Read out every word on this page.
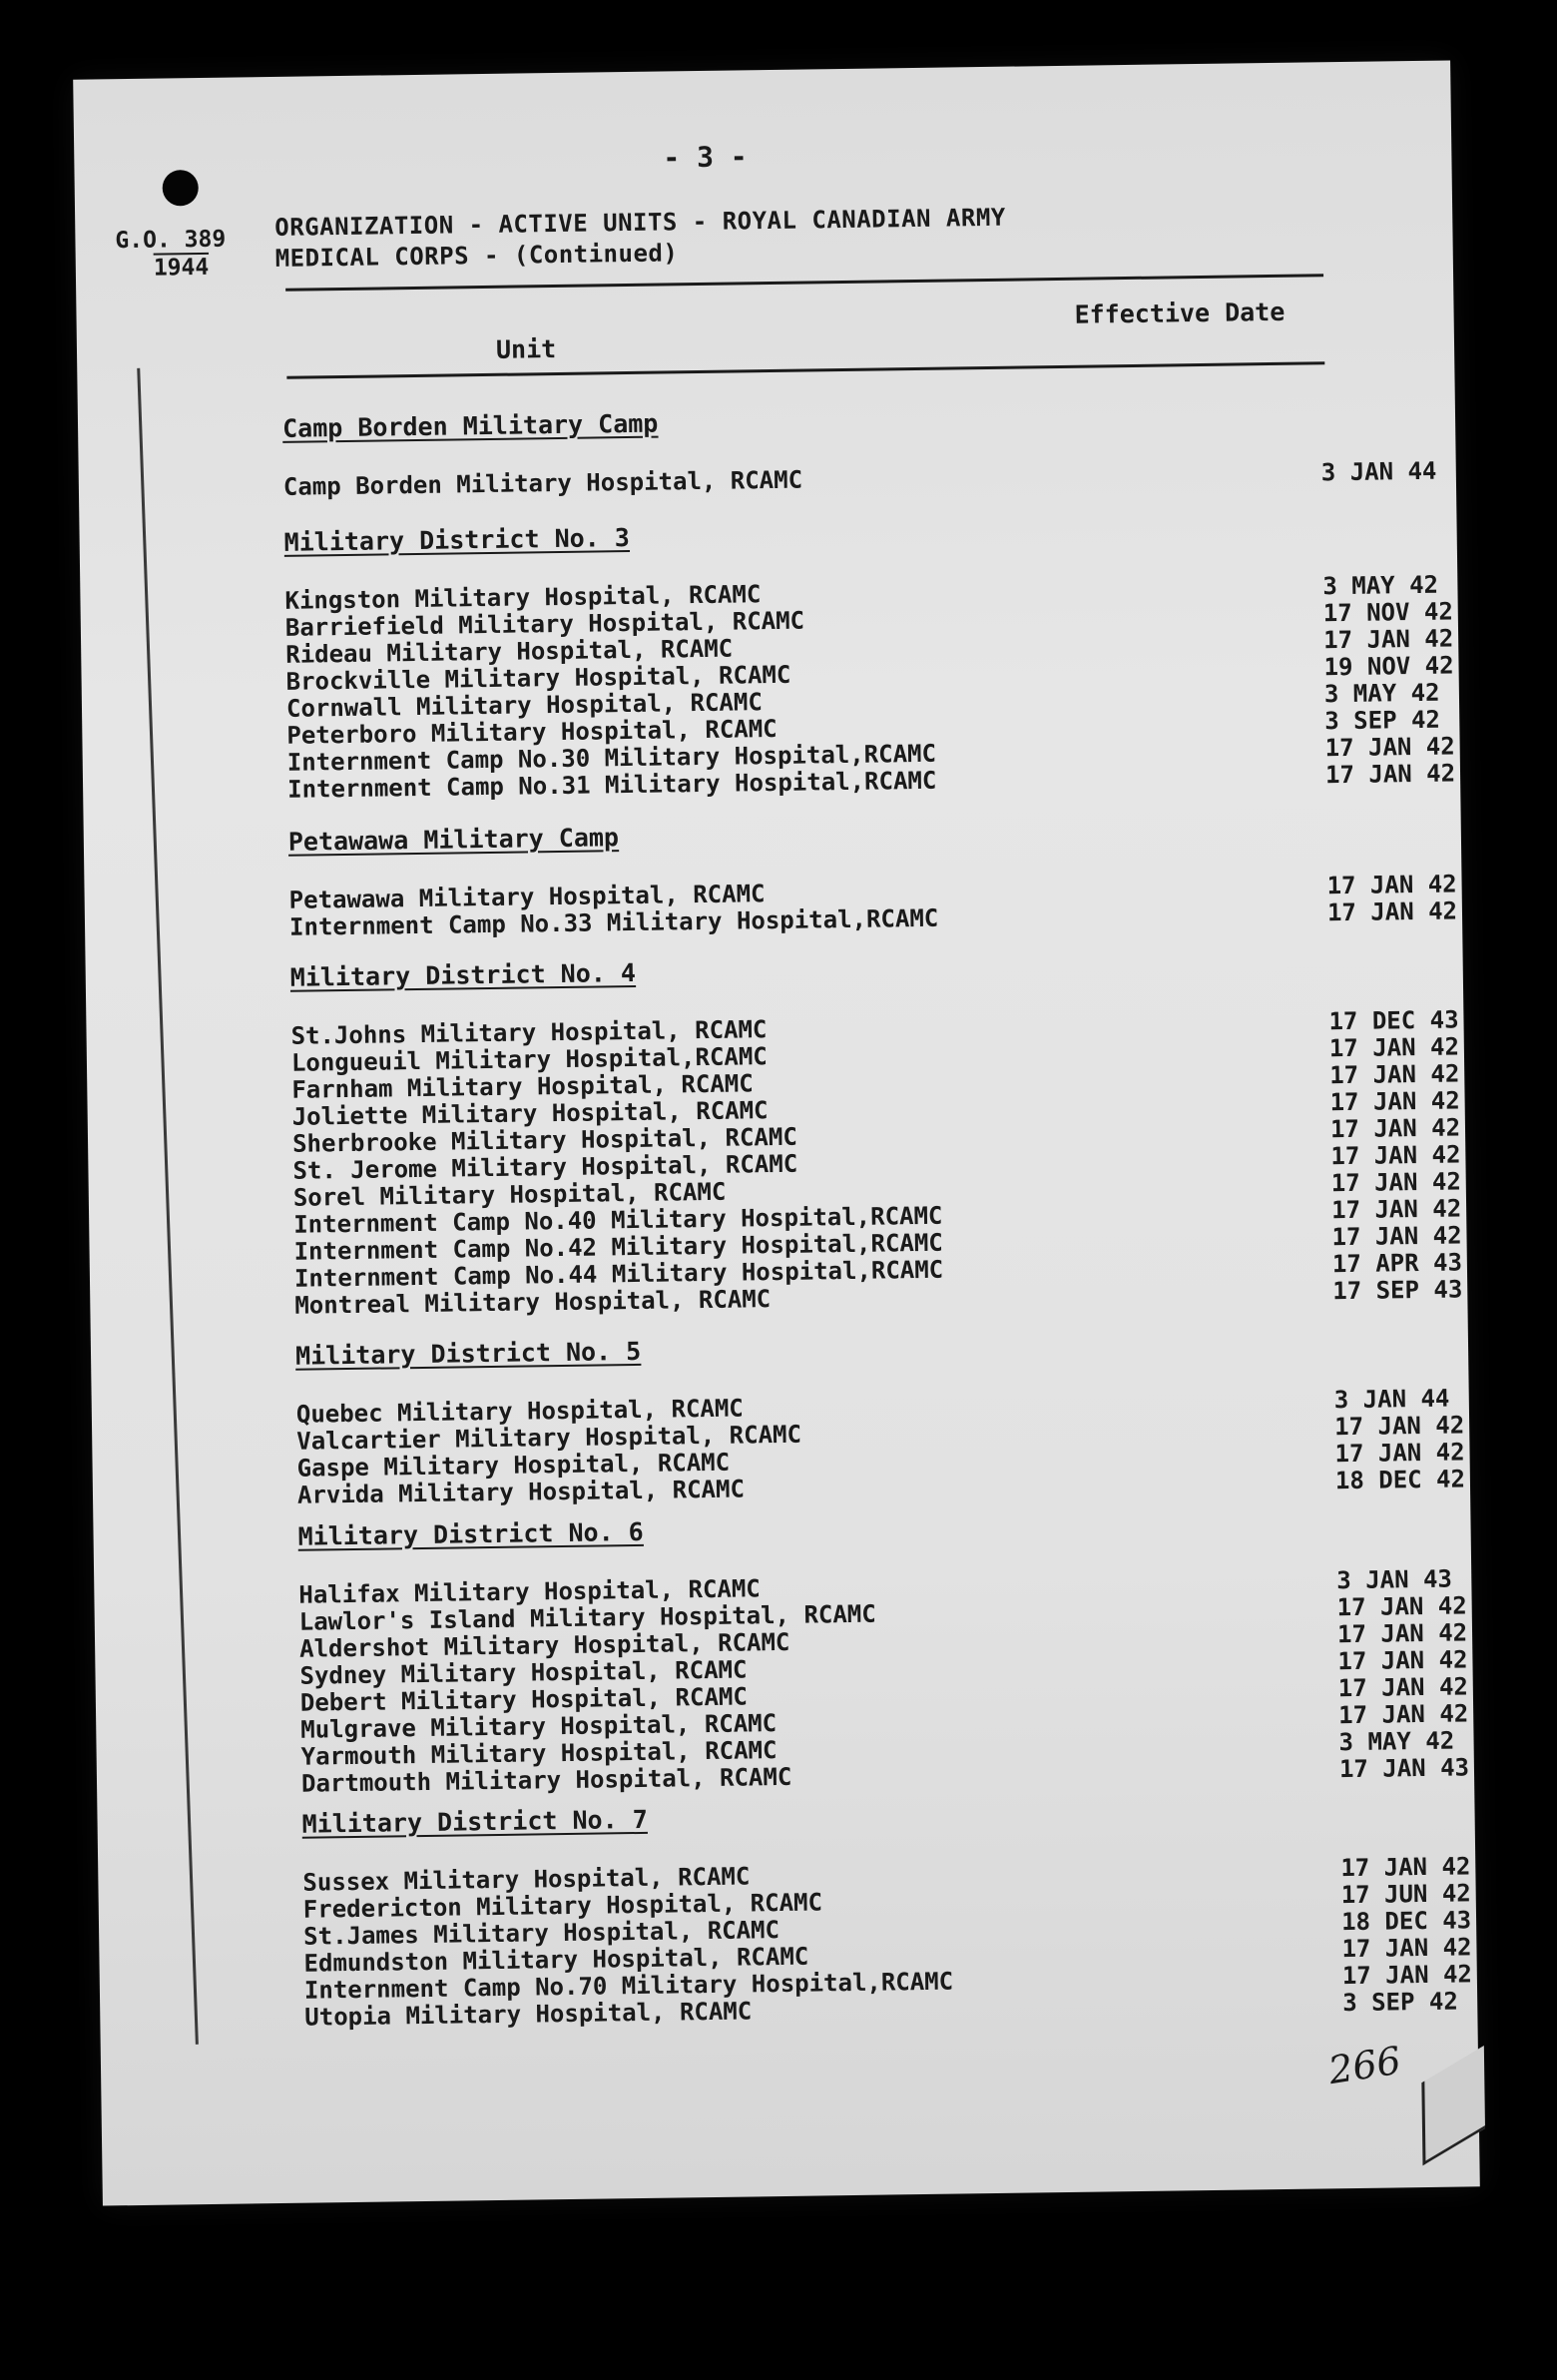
- 3 -
G.O. 389
1944
ORGANIZATION - ACTIVE UNITS - ROYAL CANADIAN ARMY
MEDICAL CORPS - (Continued)
Effective Date
Unit
Camp Borden Military Camp
Camp Borden Military Hospital, RCAMC	3 JAN 44
Military District No. 3
Kingston Military Hospital, RCAMC	3 MAY 42
Barriefield Military Hospital, RCAMC	17 NOV 42
Rideau Military Hospital, RCAMC	17 JAN 42
Brockville Military Hospital, RCAMC	19 NOV 42
Cornwall Military Hospital, RCAMC	3 MAY 42
Peterboro Military Hospital, RCAMC	3 SEP 42
Internment Camp No.30 Military Hospital,RCAMC	17 JAN 42
Internment Camp No.31 Military Hospital,RCAMC	17 JAN 42
Petawawa Military Camp
Petawawa Military Hospital, RCAMC	17 JAN 42
Internment Camp No.33 Military Hospital,RCAMC	17 JAN 42
Military District No. 4
St.Johns Military Hospital, RCAMC	17 DEC 43
Longueuil Military Hospital,RCAMC	17 JAN 42
Farnham Military Hospital, RCAMC	17 JAN 42
Joliette Military Hospital, RCAMC	17 JAN 42
Sherbrooke Military Hospital, RCAMC	17 JAN 42
St. Jerome Military Hospital, RCAMC	17 JAN 42
Sorel Military Hospital, RCAMC	17 JAN 42
Internment Camp No.40 Military Hospital,RCAMC	17 JAN 42
Internment Camp No.42 Military Hospital,RCAMC	17 JAN 42
Internment Camp No.44 Military Hospital,RCAMC	17 APR 43
Montreal Military Hospital, RCAMC	17 SEP 43
Military District No. 5
Quebec Military Hospital, RCAMC	3 JAN 44
Valcartier Military Hospital, RCAMC	17 JAN 42
Gaspe Military Hospital, RCAMC	17 JAN 42
Arvida Military Hospital, RCAMC	18 DEC 42
Military District No. 6
Halifax Military Hospital, RCAMC	3 JAN 43
Lawlor's Island Military Hospital, RCAMC	17 JAN 42
Aldershot Military Hospital, RCAMC	17 JAN 42
Sydney Military Hospital, RCAMC	17 JAN 42
Debert Military Hospital, RCAMC	17 JAN 42
Mulgrave Military Hospital, RCAMC	17 JAN 42
Yarmouth Military Hospital, RCAMC	3 MAY 42
Dartmouth Military Hospital, RCAMC	17 JAN 43
Military District No. 7
Sussex Military Hospital, RCAMC	17 JAN 42
Fredericton Military Hospital, RCAMC	17 JUN 42
St.James Military Hospital, RCAMC	18 DEC 43
Edmundston Military Hospital, RCAMC	17 JAN 42
Internment Camp No.70 Military Hospital,RCAMC	17 JAN 42
Utopia Military Hospital, RCAMC	3 SEP 42
266
